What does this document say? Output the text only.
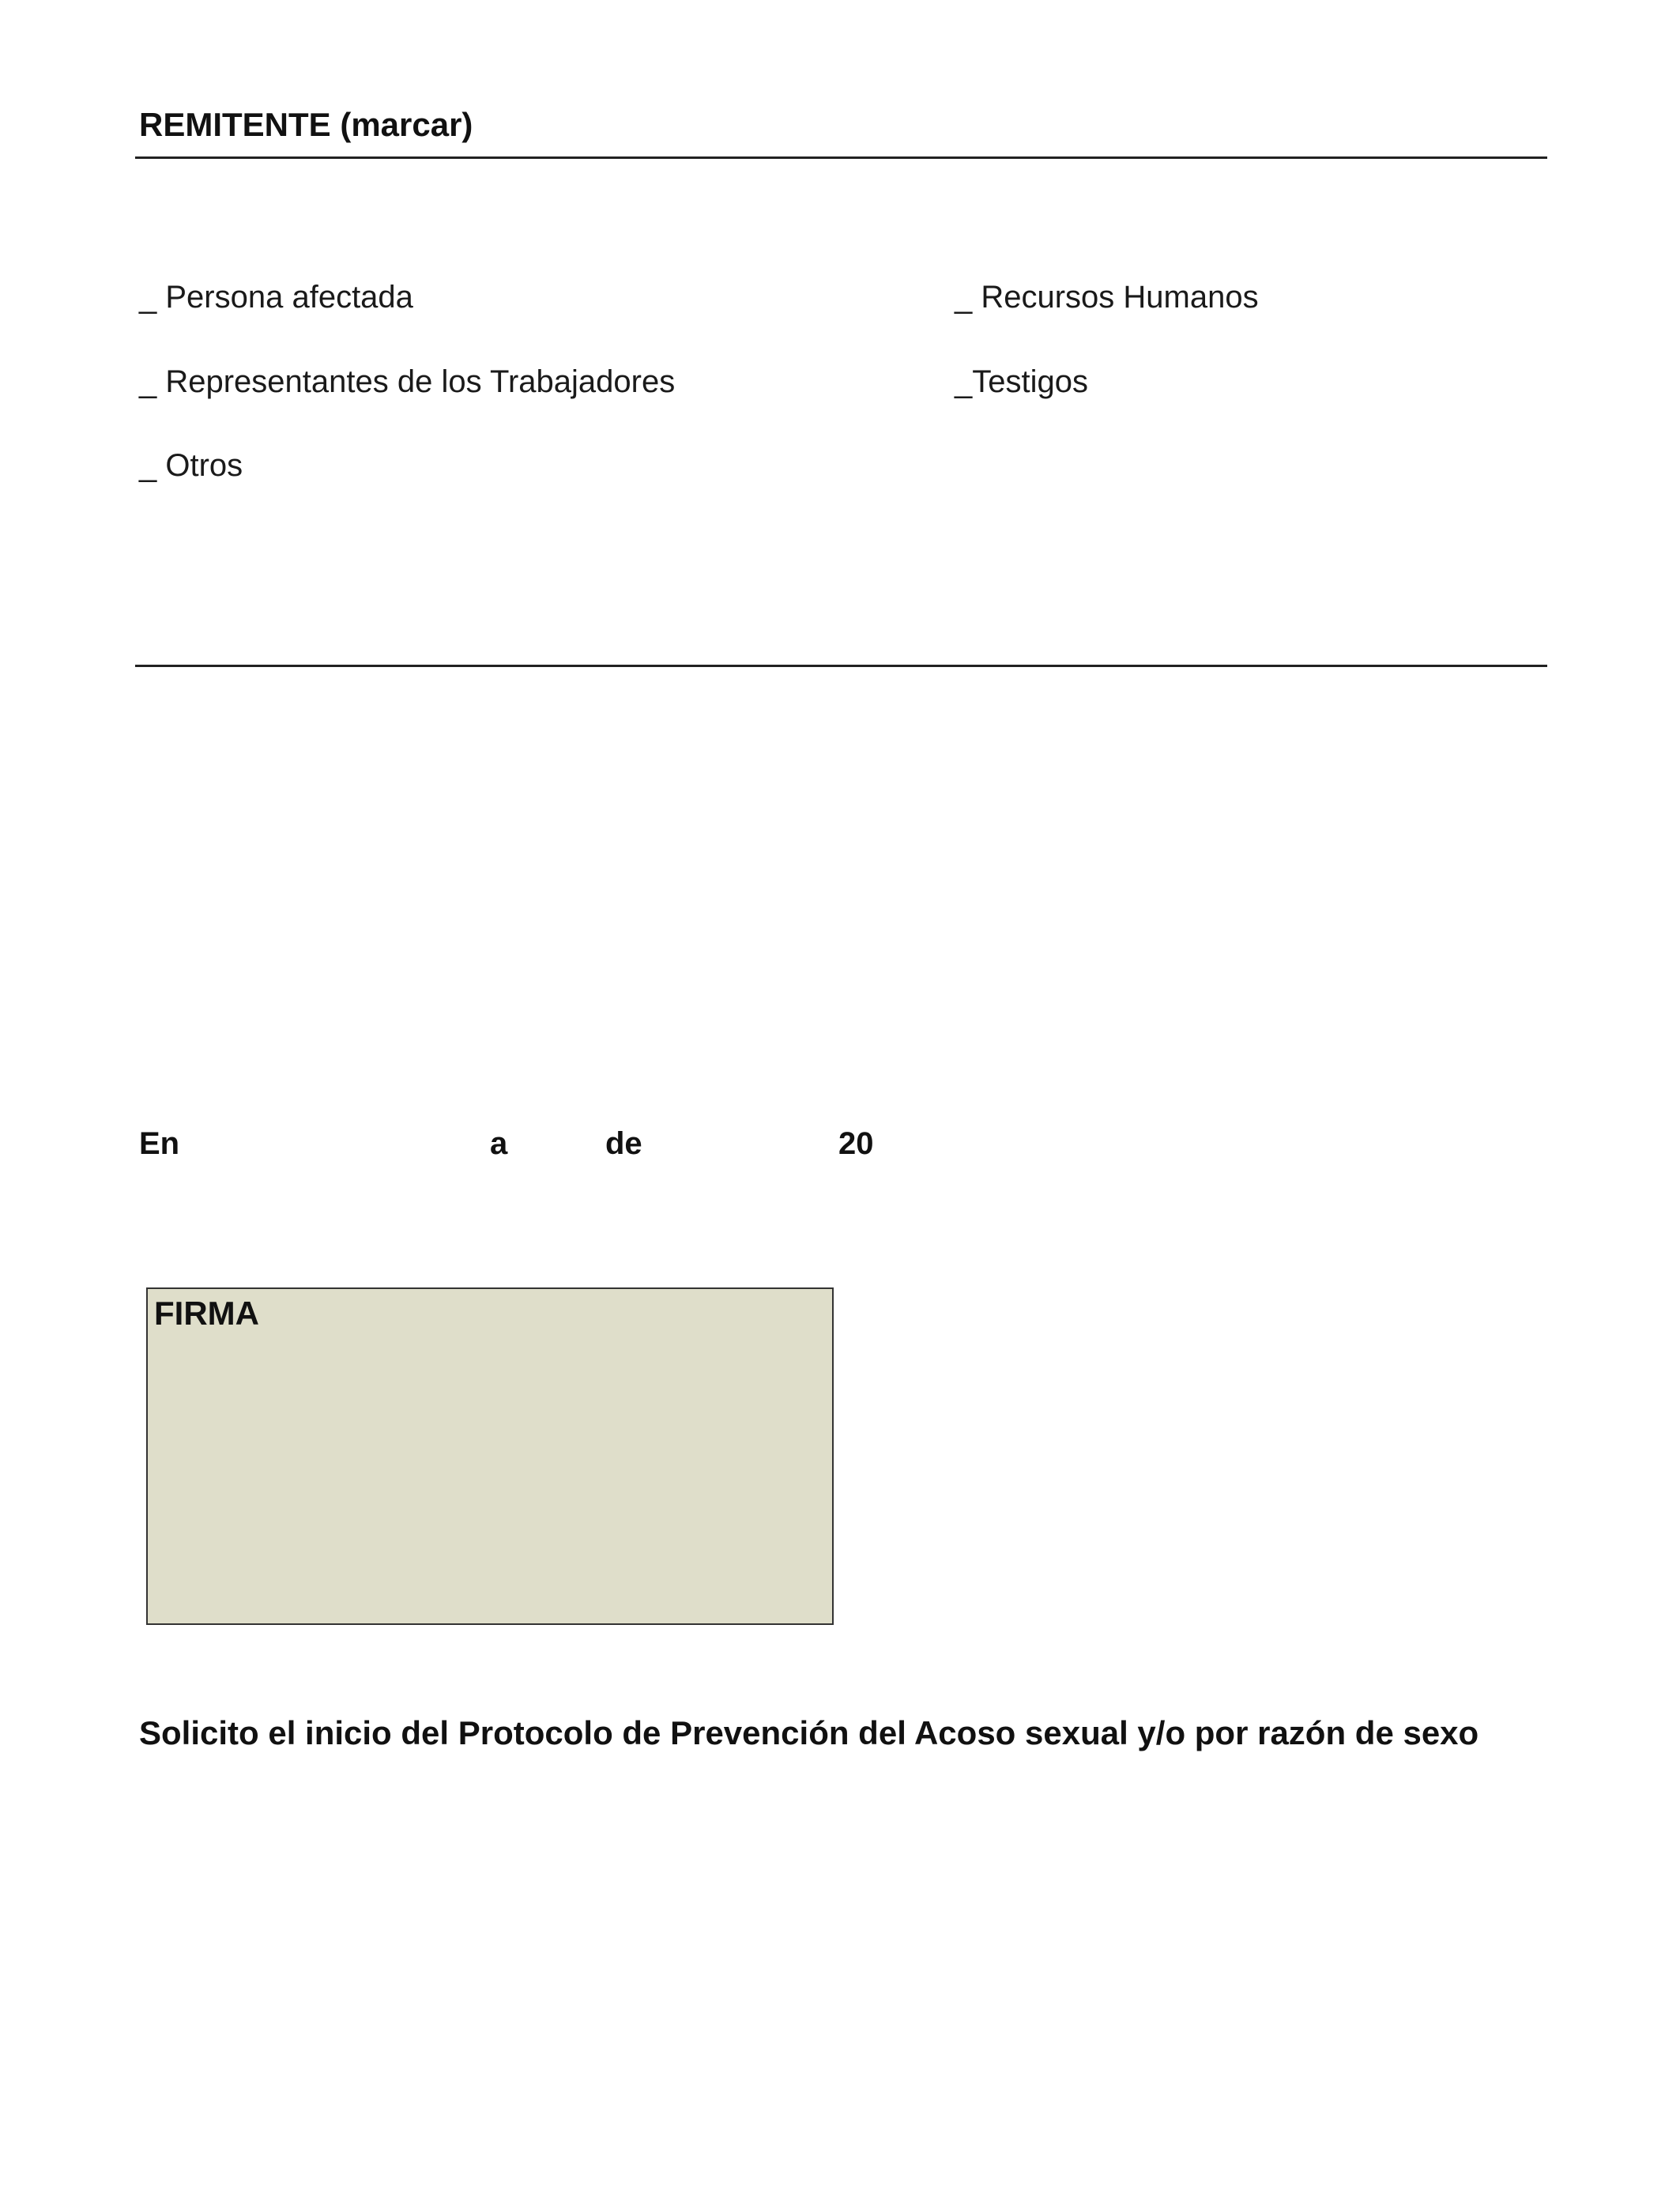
REMITENTE (marcar)
_ Persona afectada
_ Representantes de los Trabajadores
_ Otros
_ Recursos Humanos
_Testigos
En	a	de	20
FIRMA
Solicito el inicio del Protocolo de Prevención del Acoso sexual y/o por razón de sexo
